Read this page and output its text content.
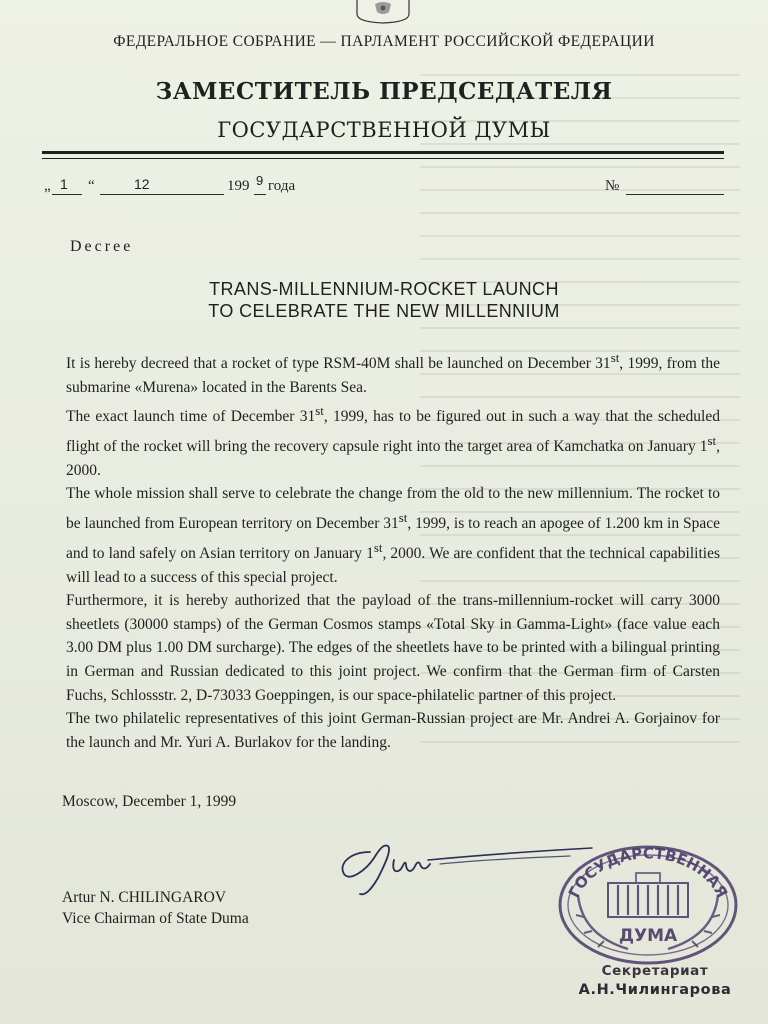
ФЕДЕРАЛЬНОЕ СОБРАНИЕ — ПАРЛАМЕНТ РОССИЙСКОЙ ФЕДЕРАЦИИ
ЗАМЕСТИТЕЛЬ ПРЕДСЕДАТЕЛЯ
ГОСУДАРСТВЕННОЙ ДУМЫ
„ 1 “	12	199 9 года	№
Decree
TRANS-MILLENNIUM-ROCKET LAUNCH
TO CELEBRATE THE NEW MILLENNIUM

It is hereby decreed that a rocket of type RSM-40M shall be launched on December 31st, 1999, from the submarine «Murena» located in the Barents Sea.

The exact launch time of December 31st, 1999, has to be figured out in such a way that the scheduled flight of the rocket will bring the recovery capsule right into the target area of Kamchatka on January 1st, 2000.

The whole mission shall serve to celebrate the change from the old to the new millennium. The rocket to be launched from European territory on December 31st, 1999, is to reach an apogee of 1.200 km in Space and to land safely on Asian territory on January 1st, 2000. We are confident that the technical capabilities will lead to a success of this special project.

Furthermore, it is hereby authorized that the payload of the trans-millennium-rocket will carry 3000 sheetlets (30000 stamps) of the German Cosmos stamps «Total Sky in Gamma-Light» (face value each 3.00 DM plus 1.00 DM surcharge). The edges of the sheetlets have to be printed with a bilingual printing in German and Russian dedicated to this joint project. We confirm that the German firm of Carsten Fuchs, Schlossstr. 2, D-73033 Goeppingen, is our space-philatelic partner of this project.

The two philatelic representatives of this joint German-Russian project are Mr. Andrei A. Gorjainov for the launch and Mr. Yuri A. Burlakov for the landing.

Moscow, December 1, 1999
Artur N. CHILINGAROV
Vice Chairman of State Duma
ГОСУДАРСТВЕННАЯ
ДУМА
Секретариат
А.Н.Чилингарова
